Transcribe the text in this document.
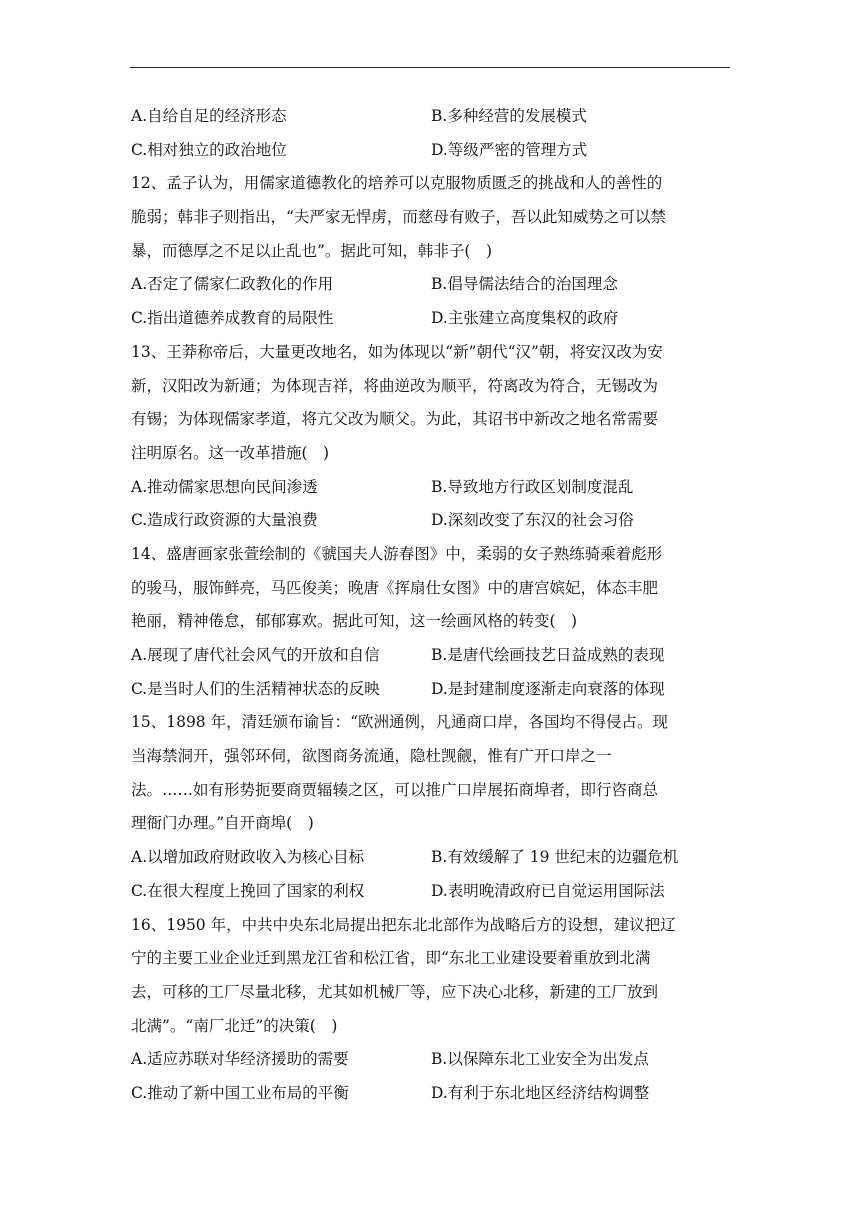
A.自给自足的经济形态	B.多种经营的发展模式
C.相对独立的政治地位	D.等级严密的管理方式
12、孟子认为，用儒家道德教化的培养可以克服物质匮乏的挑战和人的善性的
脆弱；韩非子则指出，“夫严家无悍虏，而慈母有败子，吾以此知威势之可以禁
暴，而德厚之不足以止乱也”。据此可知，韩非子(　)
A.否定了儒家仁政教化的作用	B.倡导儒法结合的治国理念
C.指出道德养成教育的局限性	D.主张建立高度集权的政府
13、王莽称帝后，大量更改地名，如为体现以“新”朝代“汉”朝，将安汉改为安
新，汉阳改为新通；为体现吉祥，将曲逆改为顺平，符离改为符合，无锡改为
有锡；为体现儒家孝道，将亢父改为顺父。为此，其诏书中新改之地名常需要
注明原名。这一改革措施(　)
A.推动儒家思想向民间渗透	B.导致地方行政区划制度混乱
C.造成行政资源的大量浪费	D.深刻改变了东汉的社会习俗
14、盛唐画家张萱绘制的《虢国夫人游春图》中，柔弱的女子熟练骑乘着彪形
的骏马，服饰鲜亮，马匹俊美；晚唐《挥扇仕女图》中的唐宫嫔妃，体态丰肥
艳丽，精神倦怠，郁郁寡欢。据此可知，这一绘画风格的转变(　)
A.展现了唐代社会风气的开放和自信	B.是唐代绘画技艺日益成熟的表现
C.是当时人们的生活精神状态的反映	D.是封建制度逐渐走向衰落的体现
15、1898 年，清廷颁布谕旨：“欧洲通例，凡通商口岸，各国均不得侵占。现
当海禁洞开，强邻环伺，欲图商务流通，隐杜觊觎，惟有广开口岸之一
法。……如有形势扼要商贾辐辏之区，可以推广口岸展拓商埠者，即行咨商总
理衙门办理。”自开商埠(　)
A.以增加政府财政收入为核心目标	B.有效缓解了 19 世纪末的边疆危机
C.在很大程度上挽回了国家的利权	D.表明晚清政府已自觉运用国际法
16、1950 年，中共中央东北局提出把东北北部作为战略后方的设想，建议把辽
宁的主要工业企业迁到黑龙江省和松江省，即“东北工业建设要着重放到北满
去，可移的工厂尽量北移，尤其如机械厂等，应下决心北移，新建的工厂放到
北满”。“南厂北迁”的决策(　)
A.适应苏联对华经济援助的需要	B.以保障东北工业安全为出发点
C.推动了新中国工业布局的平衡	D.有利于东北地区经济结构调整
